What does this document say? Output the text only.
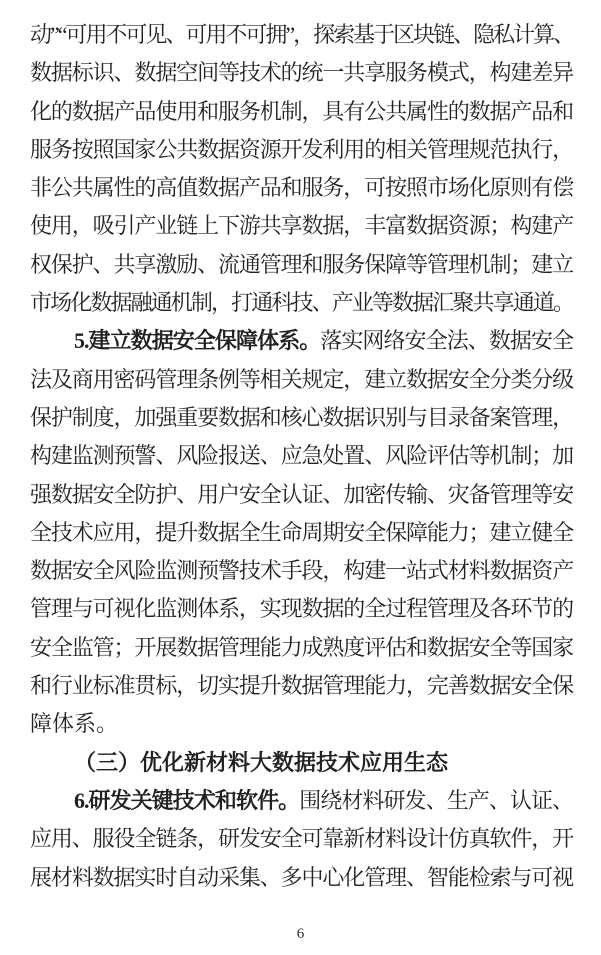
动”“可用不可见、可用不可拥”，探索基于区块链、隐私计算、
数据标识、数据空间等技术的统一共享服务模式，构建差异
化的数据产品使用和服务机制，具有公共属性的数据产品和
服务按照国家公共数据资源开发利用的相关管理规范执行，
非公共属性的高值数据产品和服务，可按照市场化原则有偿
使用，吸引产业链上下游共享数据，丰富数据资源；构建产
权保护、共享激励、流通管理和服务保障等管理机制；建立
市场化数据融通机制，打通科技、产业等数据汇聚共享通道。
5.建立数据安全保障体系。落实网络安全法、数据安全
法及商用密码管理条例等相关规定，建立数据安全分类分级
保护制度，加强重要数据和核心数据识别与目录备案管理，
构建监测预警、风险报送、应急处置、风险评估等机制；加
强数据安全防护、用户安全认证、加密传输、灾备管理等安
全技术应用，提升数据全生命周期安全保障能力；建立健全
数据安全风险监测预警技术手段，构建一站式材料数据资产
管理与可视化监测体系，实现数据的全过程管理及各环节的
安全监管；开展数据管理能力成熟度评估和数据安全等国家
和行业标准贯标，切实提升数据管理能力，完善数据安全保
障体系。
（三）优化新材料大数据技术应用生态
6.研发关键技术和软件。围绕材料研发、生产、认证、
应用、服役全链条，研发安全可靠新材料设计仿真软件，开
展材料数据实时自动采集、多中心化管理、智能检索与可视
6
